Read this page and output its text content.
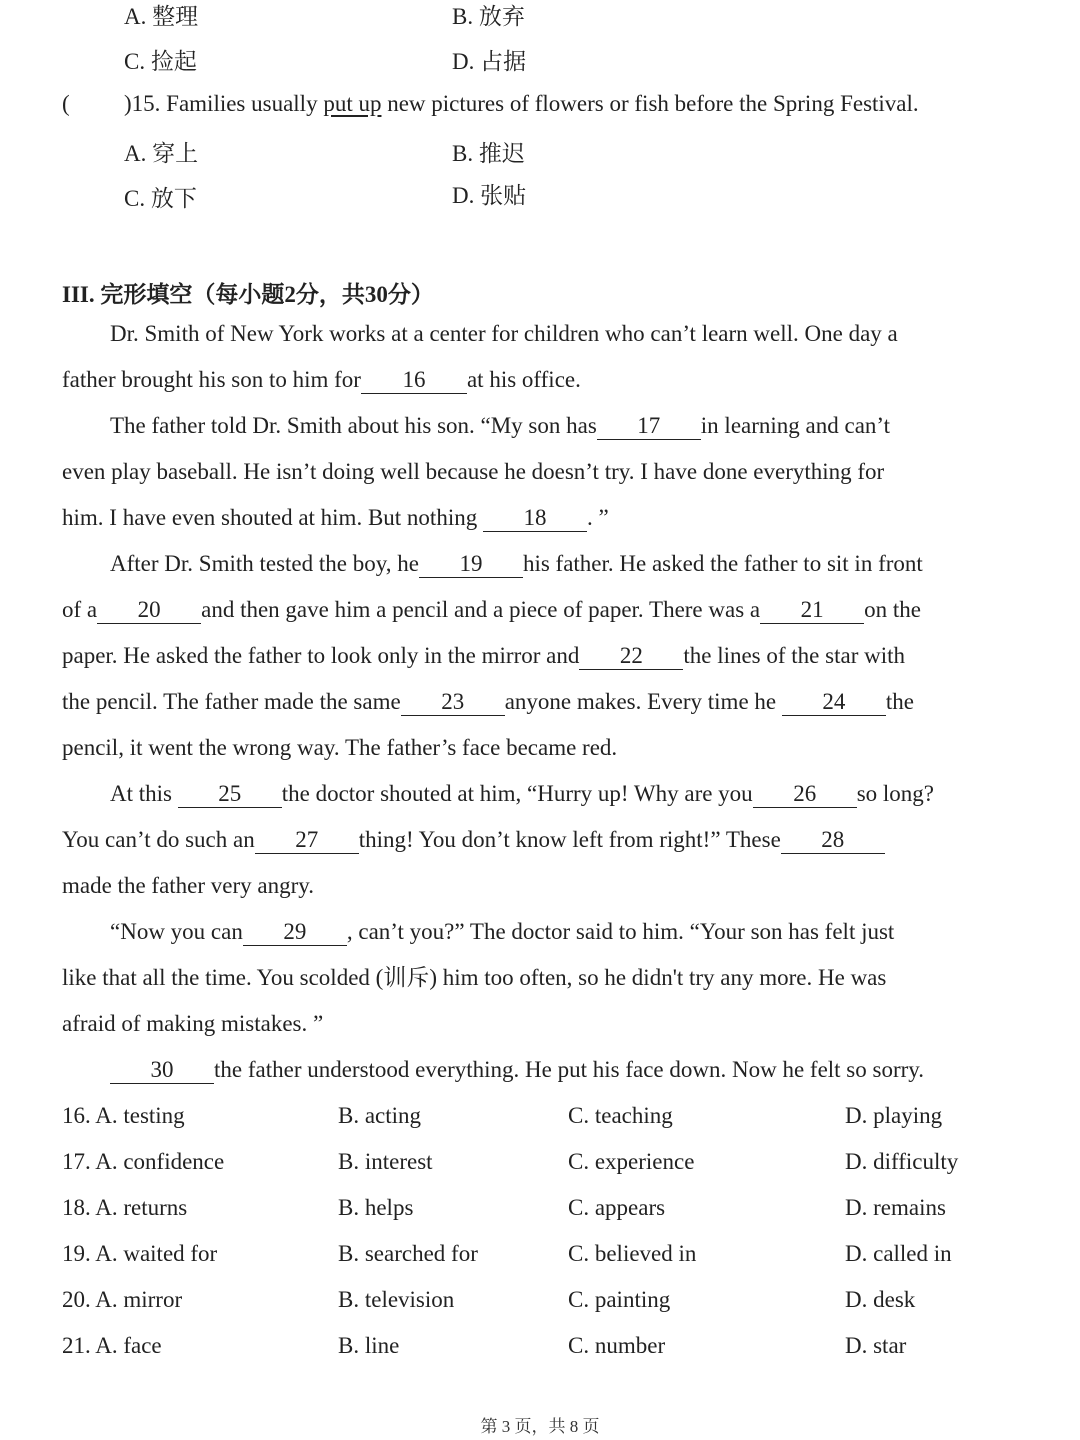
A. 整理	B. 放弃
C. 捡起	D. 占据
( )15. Families usually put up new pictures of flowers or fish before the Spring Festival.
A. 穿上	B. 推迟
C. 放下	D. 张贴
III. 完形填空（每小题2分，共30分）
Dr. Smith of New York works at a center for children who can’t learn well. One day a
father brought his son to him for 16 at his office.
The father told Dr. Smith about his son. “My son has 17 in learning and can’t
even play baseball. He isn’t doing well because he doesn’t try. I have done everything for
him. I have even shouted at him. But nothing 18 . ”
After Dr. Smith tested the boy, he 19 his father. He asked the father to sit in front
of a 20 and then gave him a pencil and a piece of paper. There was a 21 on the
paper. He asked the father to look only in the mirror and 22 the lines of the star with
the pencil. The father made the same 23 anyone makes. Every time he 24 the
pencil, it went the wrong way. The father’s face became red.
At this 25 the doctor shouted at him, “Hurry up! Why are you 26 so long?
You can’t do such an 27 thing! You don’t know left from right!” These 28
made the father very angry.
“Now you can 29 , can’t you?” The doctor said to him. “Your son has felt just
like that all the time. You scolded (训斥) him too often, so he didn't try any more. He was
afraid of making mistakes. ”
30 the father understood everything. He put his face down. Now he felt so sorry.
16. A. testing	B. acting	C. teaching	D. playing
17. A. confidence	B. interest	C. experience	D. difficulty
18. A. returns	B. helps	C. appears	D. remains
19. A. waited for	B. searched for	C. believed in	D. called in
20. A. mirror	B. television	C. painting	D. desk
21. A. face	B. line	C. number	D. star
第 3 页，共 8 页
